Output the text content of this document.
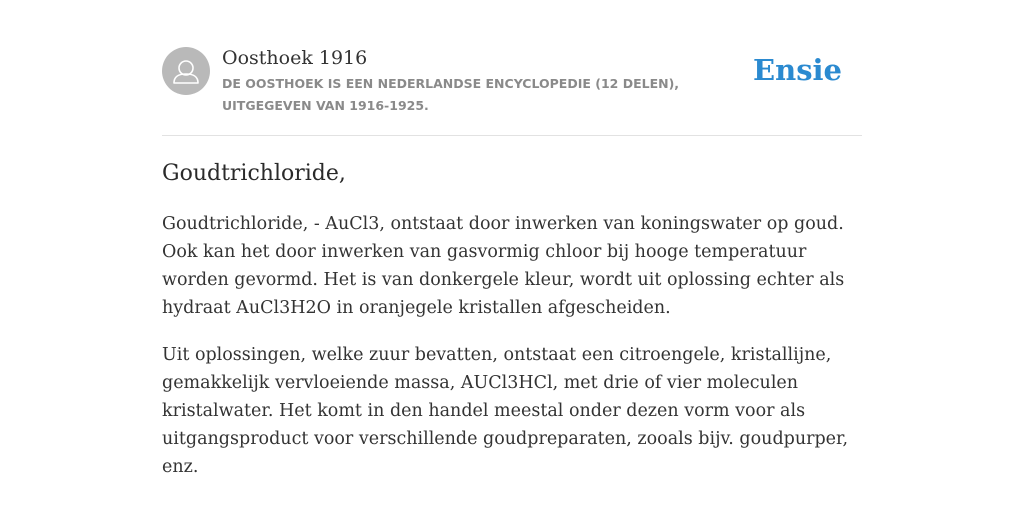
Oosthoek 1916
DE OOSTHOEK IS EEN NEDERLANDSE ENCYCLOPEDIE (12 DELEN), UITGEGEVEN VAN 1916-1925.
Ensie
Goudtrichloride,

Goudtrichloride, - AuCl3, ontstaat door inwerken van koningswater op goud. Ook kan het door inwerken van gasvormig chloor bij hooge temperatuur worden gevormd. Het is van donkergele kleur, wordt uit oplossing echter als hydraat AuCl3H2O in oranjegele kristallen afgescheiden.

Uit oplossingen, welke zuur bevatten, ontstaat een citroengele, kristallijne, gemakkelijk vervloeiende massa, AUCl3HCl, met drie of vier moleculen kristalwater. Het komt in den handel meestal onder dezen vorm voor als uitgangsproduct voor verschillende goudpreparaten, zooals bijv. goudpurper, enz.
